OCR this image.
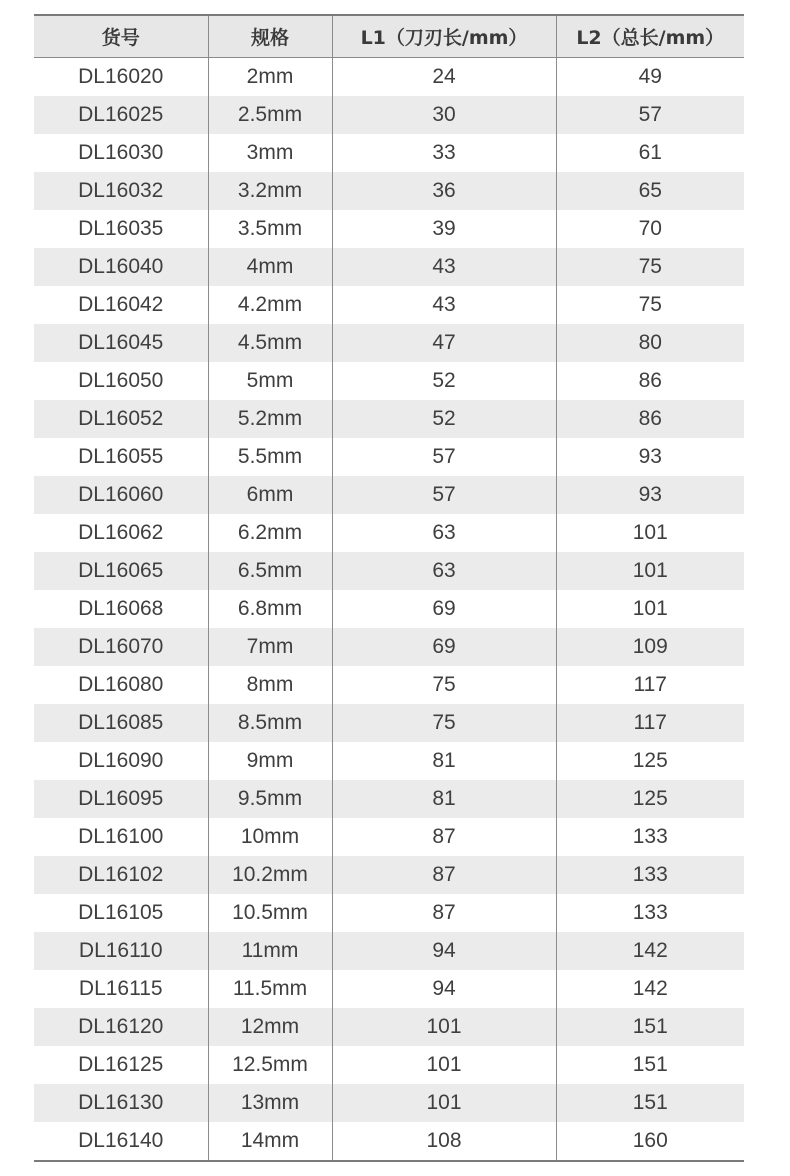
货号	规格	L1（刀刃长/mm）	L2（总长/mm）
DL16020	2mm	24	49
DL16025	2.5mm	30	57
DL16030	3mm	33	61
DL16032	3.2mm	36	65
DL16035	3.5mm	39	70
DL16040	4mm	43	75
DL16042	4.2mm	43	75
DL16045	4.5mm	47	80
DL16050	5mm	52	86
DL16052	5.2mm	52	86
DL16055	5.5mm	57	93
DL16060	6mm	57	93
DL16062	6.2mm	63	101
DL16065	6.5mm	63	101
DL16068	6.8mm	69	101
DL16070	7mm	69	109
DL16080	8mm	75	117
DL16085	8.5mm	75	117
DL16090	9mm	81	125
DL16095	9.5mm	81	125
DL16100	10mm	87	133
DL16102	10.2mm	87	133
DL16105	10.5mm	87	133
DL16110	11mm	94	142
DL16115	11.5mm	94	142
DL16120	12mm	101	151
DL16125	12.5mm	101	151
DL16130	13mm	101	151
DL16140	14mm	108	160
